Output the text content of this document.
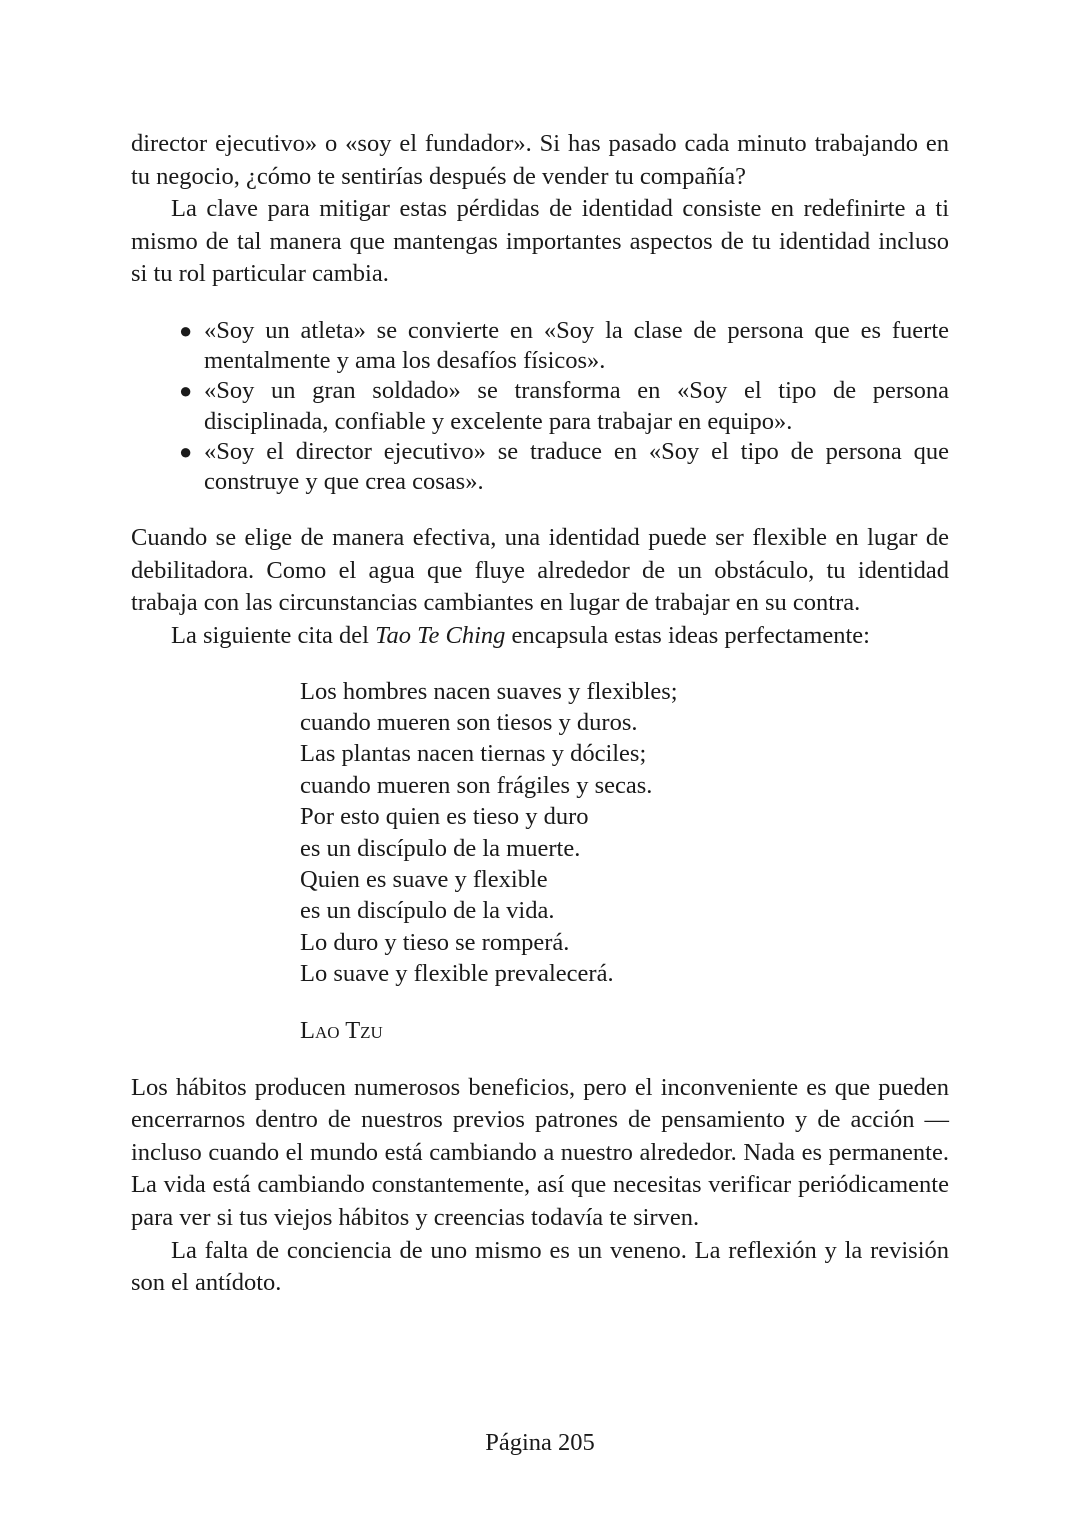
director ejecutivo» o «soy el fundador». Si has pasado cada minuto trabajando en tu negocio, ¿cómo te sentirías después de vender tu compañía?

La clave para mitigar estas pérdidas de identidad consiste en redefinirte a ti mismo de tal manera que mantengas importantes aspectos de tu identidad incluso si tu rol particular cambia.

● «Soy un atleta» se convierte en «Soy la clase de persona que es fuerte mentalmente y ama los desafíos físicos».
● «Soy un gran soldado» se transforma en «Soy el tipo de persona disciplinada, confiable y excelente para trabajar en equipo».
● «Soy el director ejecutivo» se traduce en «Soy el tipo de persona que construye y que crea cosas».

Cuando se elige de manera efectiva, una identidad puede ser flexible en lugar de debilitadora. Como el agua que fluye alrededor de un obstáculo, tu identidad trabaja con las circunstancias cambiantes en lugar de trabajar en su contra.

La siguiente cita del Tao Te Ching encapsula estas ideas perfectamente:

Los hombres nacen suaves y flexibles;
cuando mueren son tiesos y duros.
Las plantas nacen tiernas y dóciles;
cuando mueren son frágiles y secas.
Por esto quien es tieso y duro
es un discípulo de la muerte.
Quien es suave y flexible
es un discípulo de la vida.
Lo duro y tieso se romperá.
Lo suave y flexible prevalecerá.
Lao Tzu

Los hábitos producen numerosos beneficios, pero el inconveniente es que pueden encerrarnos dentro de nuestros previos patrones de pensamiento y de acción —incluso cuando el mundo está cambiando a nuestro alrededor. Nada es permanente. La vida está cambiando constantemente, así que necesitas verificar periódicamente para ver si tus viejos hábitos y creencias todavía te sirven.

La falta de conciencia de uno mismo es un veneno. La reflexión y la revisión son el antídoto.

Página 205
